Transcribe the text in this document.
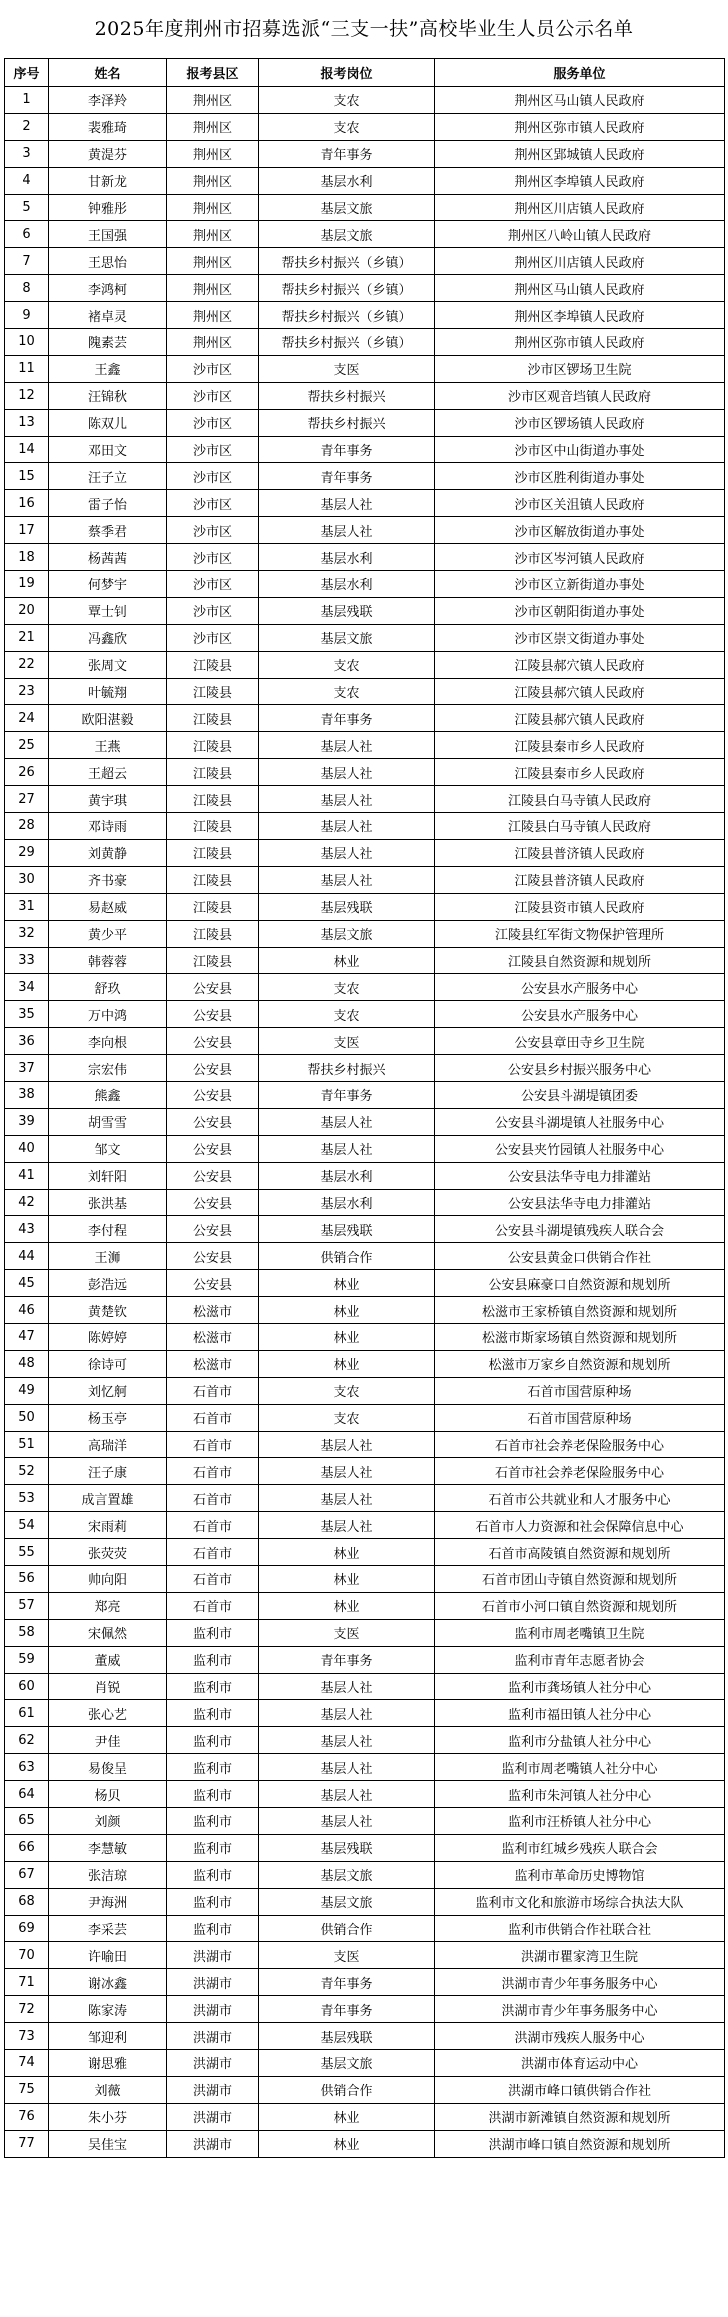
2025年度荆州市招募选派“三支一扶”高校毕业生人员公示名单
序号	姓名	报考县区	报考岗位	服务单位
1	李泽羚	荆州区	支农	荆州区马山镇人民政府
2	裴雅琦	荆州区	支农	荆州区弥市镇人民政府
3	黄湜芬	荆州区	青年事务	荆州区郢城镇人民政府
4	甘新龙	荆州区	基层水利	荆州区李埠镇人民政府
5	钟雅彤	荆州区	基层文旅	荆州区川店镇人民政府
6	王国强	荆州区	基层文旅	荆州区八岭山镇人民政府
7	王思怡	荆州区	帮扶乡村振兴（乡镇）	荆州区川店镇人民政府
8	李鸿柯	荆州区	帮扶乡村振兴（乡镇）	荆州区马山镇人民政府
9	褚卓灵	荆州区	帮扶乡村振兴（乡镇）	荆州区李埠镇人民政府
10	隗素芸	荆州区	帮扶乡村振兴（乡镇）	荆州区弥市镇人民政府
11	王鑫	沙市区	支医	沙市区锣场卫生院
12	汪锦秋	沙市区	帮扶乡村振兴	沙市区观音垱镇人民政府
13	陈双儿	沙市区	帮扶乡村振兴	沙市区锣场镇人民政府
14	邓田文	沙市区	青年事务	沙市区中山街道办事处
15	汪子立	沙市区	青年事务	沙市区胜利街道办事处
16	雷子怡	沙市区	基层人社	沙市区关沮镇人民政府
17	蔡季君	沙市区	基层人社	沙市区解放街道办事处
18	杨茜茜	沙市区	基层水利	沙市区岑河镇人民政府
19	何梦宇	沙市区	基层水利	沙市区立新街道办事处
20	覃士钊	沙市区	基层残联	沙市区朝阳街道办事处
21	冯鑫欣	沙市区	基层文旅	沙市区崇文街道办事处
22	张周文	江陵县	支农	江陵县郝穴镇人民政府
23	叶毓翔	江陵县	支农	江陵县郝穴镇人民政府
24	欧阳湛毅	江陵县	青年事务	江陵县郝穴镇人民政府
25	王燕	江陵县	基层人社	江陵县秦市乡人民政府
26	王超云	江陵县	基层人社	江陵县秦市乡人民政府
27	黄宇琪	江陵县	基层人社	江陵县白马寺镇人民政府
28	邓诗雨	江陵县	基层人社	江陵县白马寺镇人民政府
29	刘黄静	江陵县	基层人社	江陵县普济镇人民政府
30	齐书豪	江陵县	基层人社	江陵县普济镇人民政府
31	易赵威	江陵县	基层残联	江陵县资市镇人民政府
32	黄少平	江陵县	基层文旅	江陵县红军街文物保护管理所
33	韩蓉蓉	江陵县	林业	江陵县自然资源和规划所
34	舒玖	公安县	支农	公安县水产服务中心
35	万中鸿	公安县	支农	公安县水产服务中心
36	李向根	公安县	支医	公安县章田寺乡卫生院
37	宗宏伟	公安县	帮扶乡村振兴	公安县乡村振兴服务中心
38	熊鑫	公安县	青年事务	公安县斗湖堤镇团委
39	胡雪雪	公安县	基层人社	公安县斗湖堤镇人社服务中心
40	邹文	公安县	基层人社	公安县夹竹园镇人社服务中心
41	刘轩阳	公安县	基层水利	公安县法华寺电力排灌站
42	张洪基	公安县	基层水利	公安县法华寺电力排灌站
43	李付程	公安县	基层残联	公安县斗湖堤镇残疾人联合会
44	王浉	公安县	供销合作	公安县黄金口供销合作社
45	彭浩远	公安县	林业	公安县麻豪口自然资源和规划所
46	黄楚钦	松滋市	林业	松滋市王家桥镇自然资源和规划所
47	陈婷婷	松滋市	林业	松滋市斯家场镇自然资源和规划所
48	徐诗可	松滋市	林业	松滋市万家乡自然资源和规划所
49	刘忆舸	石首市	支农	石首市国营原种场
50	杨玉亭	石首市	支农	石首市国营原种场
51	高瑞洋	石首市	基层人社	石首市社会养老保险服务中心
52	汪子康	石首市	基层人社	石首市社会养老保险服务中心
53	成言置雄	石首市	基层人社	石首市公共就业和人才服务中心
54	宋雨莉	石首市	基层人社	石首市人力资源和社会保障信息中心
55	张荧荧	石首市	林业	石首市高陵镇自然资源和规划所
56	帅向阳	石首市	林业	石首市团山寺镇自然资源和规划所
57	郑亮	石首市	林业	石首市小河口镇自然资源和规划所
58	宋佩然	监利市	支医	监利市周老嘴镇卫生院
59	董威	监利市	青年事务	监利市青年志愿者协会
60	肖锐	监利市	基层人社	监利市龚场镇人社分中心
61	张心艺	监利市	基层人社	监利市福田镇人社分中心
62	尹佳	监利市	基层人社	监利市分盐镇人社分中心
63	易俊呈	监利市	基层人社	监利市周老嘴镇人社分中心
64	杨贝	监利市	基层人社	监利市朱河镇人社分中心
65	刘颜	监利市	基层人社	监利市汪桥镇人社分中心
66	李慧敏	监利市	基层残联	监利市红城乡残疾人联合会
67	张洁琼	监利市	基层文旅	监利市革命历史博物馆
68	尹海洲	监利市	基层文旅	监利市文化和旅游市场综合执法大队
69	李采芸	监利市	供销合作	监利市供销合作社联合社
70	许喻田	洪湖市	支医	洪湖市瞿家湾卫生院
71	谢冰鑫	洪湖市	青年事务	洪湖市青少年事务服务中心
72	陈家涛	洪湖市	青年事务	洪湖市青少年事务服务中心
73	邹迎利	洪湖市	基层残联	洪湖市残疾人服务中心
74	谢思雅	洪湖市	基层文旅	洪湖市体育运动中心
75	刘薇	洪湖市	供销合作	洪湖市峰口镇供销合作社
76	朱小芬	洪湖市	林业	洪湖市新滩镇自然资源和规划所
77	吴佳宝	洪湖市	林业	洪湖市峰口镇自然资源和规划所
